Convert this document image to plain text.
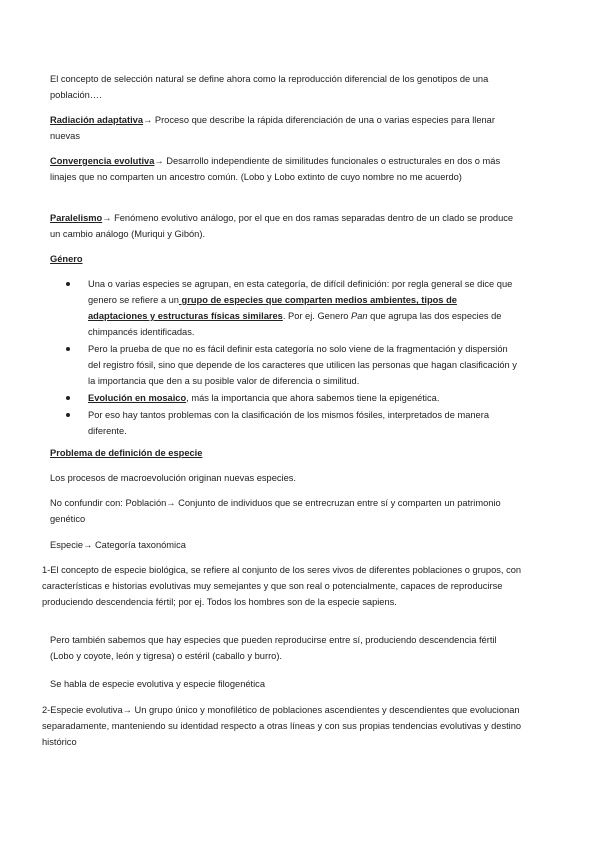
El concepto de selección natural se define ahora como la reproducción diferencial de los genotipos de una población….

Radiación adaptativa→ Proceso que describe la rápida diferenciación de una o varias especies para llenar nuevas

Convergencia evolutiva→ Desarrollo independiente de similitudes funcionales o estructurales en dos o más linajes que no comparten un ancestro común. (Lobo y Lobo extinto de cuyo nombre no me acuerdo)

Paralelismo→ Fenómeno evolutivo análogo, por el que en dos ramas separadas dentro de un clado se produce un cambio análogo (Muriqui y Gibón).

Género

Una o varias especies se agrupan, en esta categoría, de difícil definición: por regla general se dice que genero se refiere a un grupo de especies que comparten medios ambientes, tipos de adaptaciones y estructuras físicas similares. Por ej. Genero Pan que agrupa las dos especies de chimpancés identificadas.
Pero la prueba de que no es fácil definir esta categoría no solo viene de la fragmentación y dispersión del registro fósil, sino que depende de los caracteres que utilicen las personas que hagan clasificación y la importancia que den a su posible valor de diferencia o similitud.
Evolución en mosaico, más la importancia que ahora sabemos tiene la epigenética.
Por eso hay tantos problemas con la clasificación de los mismos fósiles, interpretados de manera diferente.

Problema de definición de especie

Los procesos de macroevolución originan nuevas especies.

No confundir con: Población→ Conjunto de individuos que se entrecruzan entre sí y comparten un patrimonio genético

Especie→ Categoría taxonómica

1-El concepto de especie biológica, se refiere al conjunto de los seres vivos de diferentes poblaciones o grupos, con características e historias evolutivas muy semejantes y que son real o potencialmente, capaces de reproducirse produciendo descendencia fértil; por ej. Todos los hombres son de la especie sapiens.

Pero también sabemos que hay especies que pueden reproducirse entre sí, produciendo descendencia fértil (Lobo y coyote, león y tigresa) o estéril (caballo y burro).

Se habla de especie evolutiva y especie filogenética

2-Especie evolutiva→ Un grupo único y monofilético de poblaciones ascendientes y descendientes que evolucionan separadamente, manteniendo su identidad respecto a otras líneas y con sus propias tendencias evolutivas y destino histórico
